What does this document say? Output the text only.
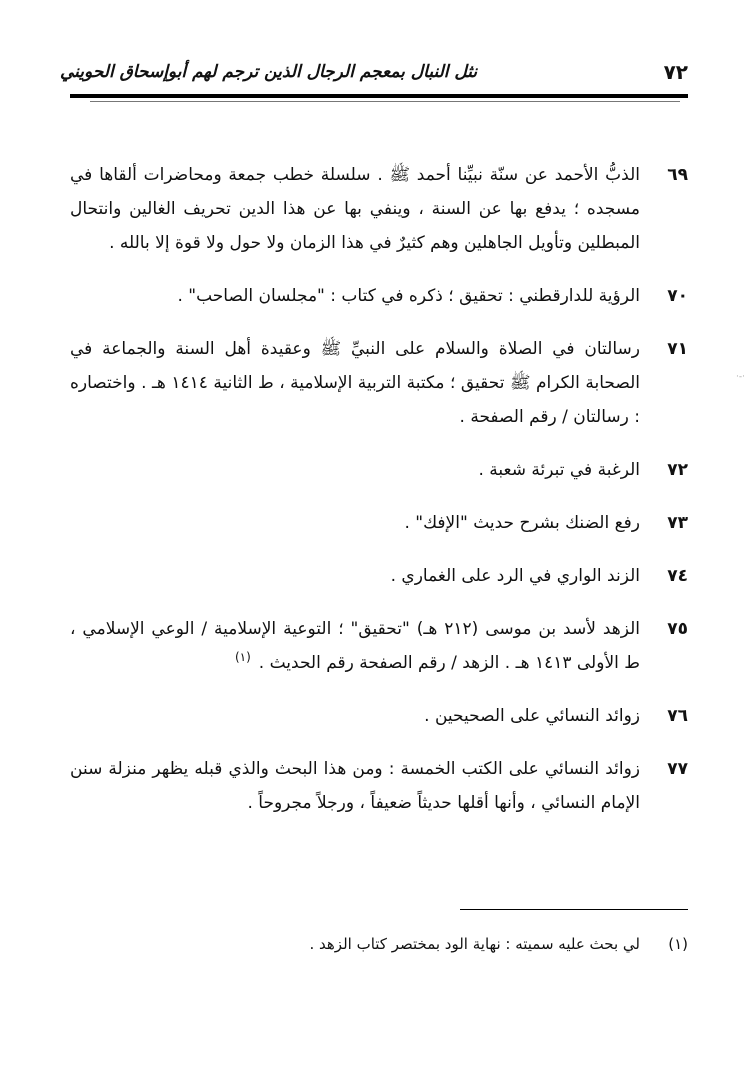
٧٢
نثل النبال بمعجم الرجال الذين ترجم لهم أبوإسحاق الحويني
٦٩
الذبُّ الأحمد عن سنّة نبيِّنا أحمد ﷺ . سلسلة خطب جمعة ومحاضرات ألقاها في مسجده ؛ يدفع بها عن السنة ، وينفي بها عن هذا الدين تحريف الغالين وانتحال المبطلين وتأويل الجاهلين وهم كثيرٌ في هذا الزمان ولا حول ولا قوة إلا بالله .
٧٠
الرؤية للدارقطني : تحقيق ؛ ذكره في كتاب : "مجلسان الصاحب" .
٧١
رسالتان في الصلاة والسلام على النبيِّ ﷺ وعقيدة أهل السنة والجماعة في الصحابة الكرام ﷺ تحقيق ؛ مكتبة التربية الإسلامية ، ط الثانية ١٤١٤ هـ . واختصاره : رسالتان / رقم الصفحة .
٧٢
الرغبة في تبرئة شعبة .
٧٣
رفع الضنك بشرح حديث "الإفك" .
٧٤
الزند الواري في الرد على الغماري .
٧٥
الزهد لأسد بن موسى (٢١٢ هـ) "تحقيق" ؛ التوعية الإسلامية / الوعي الإسلامي ، ط الأولى ١٤١٣ هـ . الزهد / رقم الصفحة رقم الحديث .$^{(١)}$
٧٦
زوائد النسائي على الصحيحين .
٧٧
زوائد النسائي على الكتب الخمسة : ومن هذا البحث والذي قبله يظهر منزلة سنن الإمام النسائي ، وأنها أقلها حديثاً ضعيفاً ، ورجلاً مجروحاً .
(١)
لي بحث عليه سميته : نهاية الود بمختصر كتاب الزهد .
·-·
